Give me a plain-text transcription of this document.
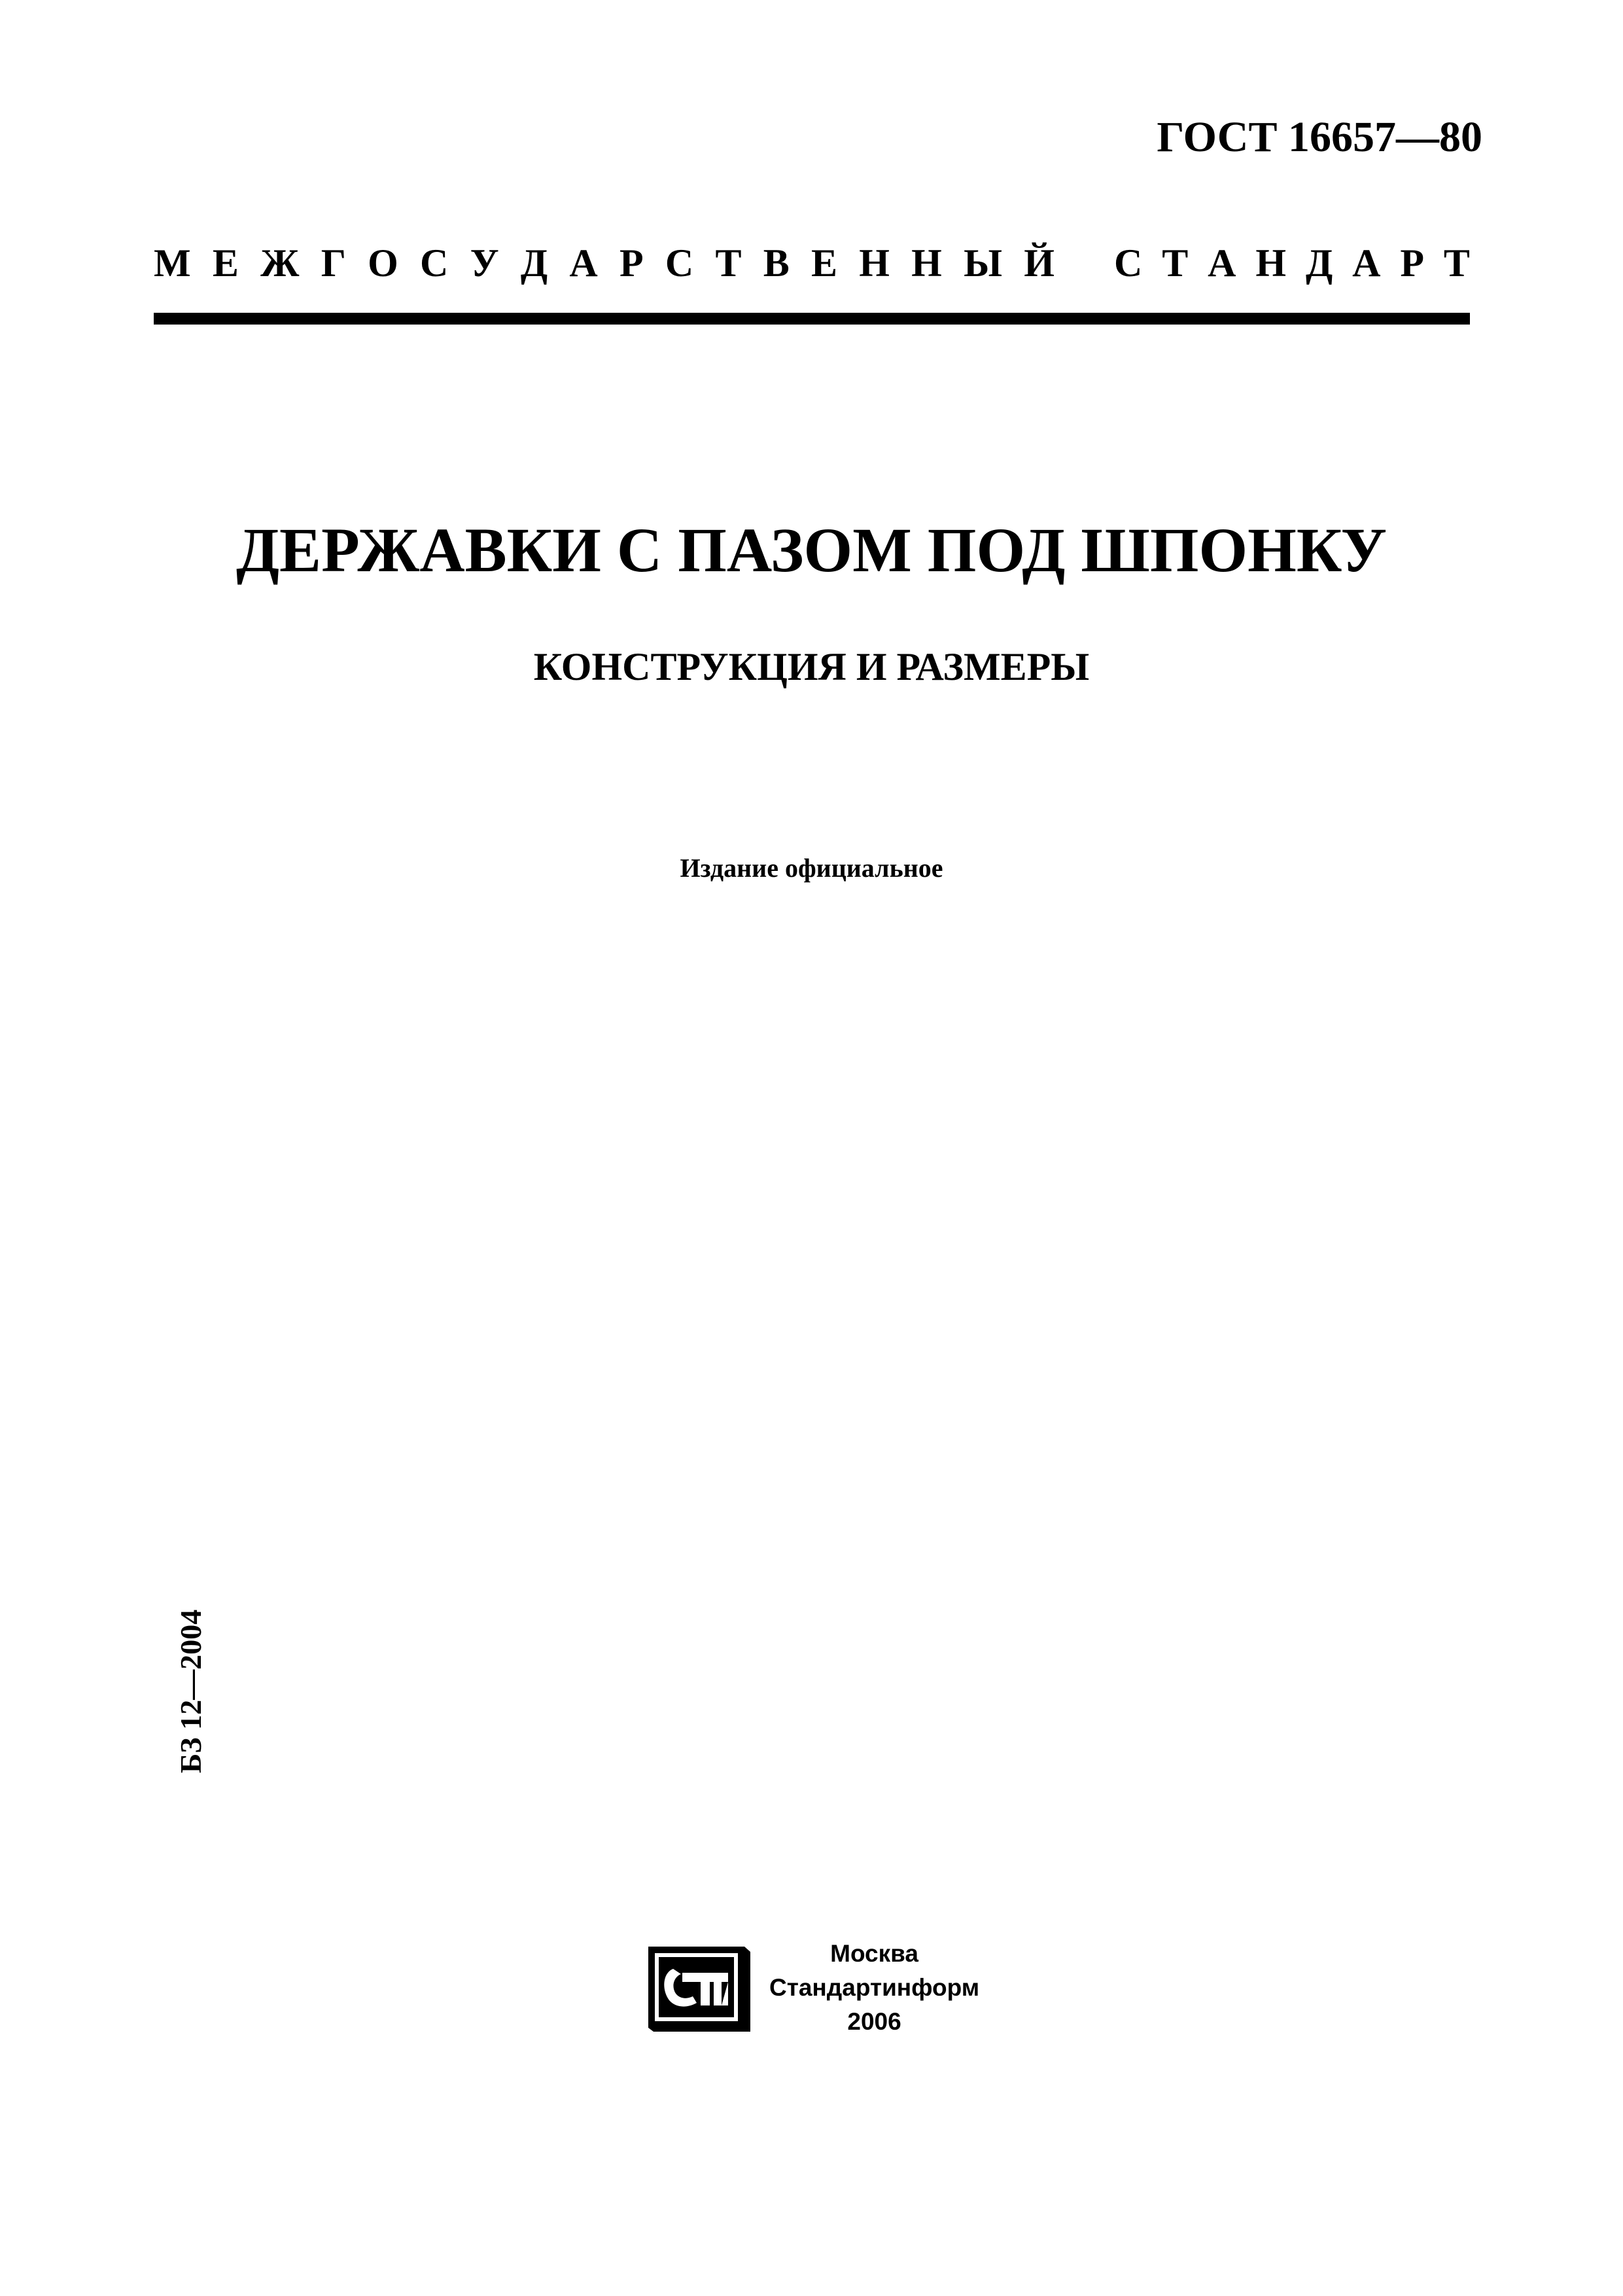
ГОСТ 16657—80
М Е Ж Г О С У Д А Р С Т В Е Н Н Ы Й С Т А Н Д А Р Т
ДЕРЖАВКИ С ПАЗОМ ПОД ШПОНКУ
КОНСТРУКЦИЯ И РАЗМЕРЫ
Издание официальное
БЗ 12—2004
Москва
Стандартинформ
2006
